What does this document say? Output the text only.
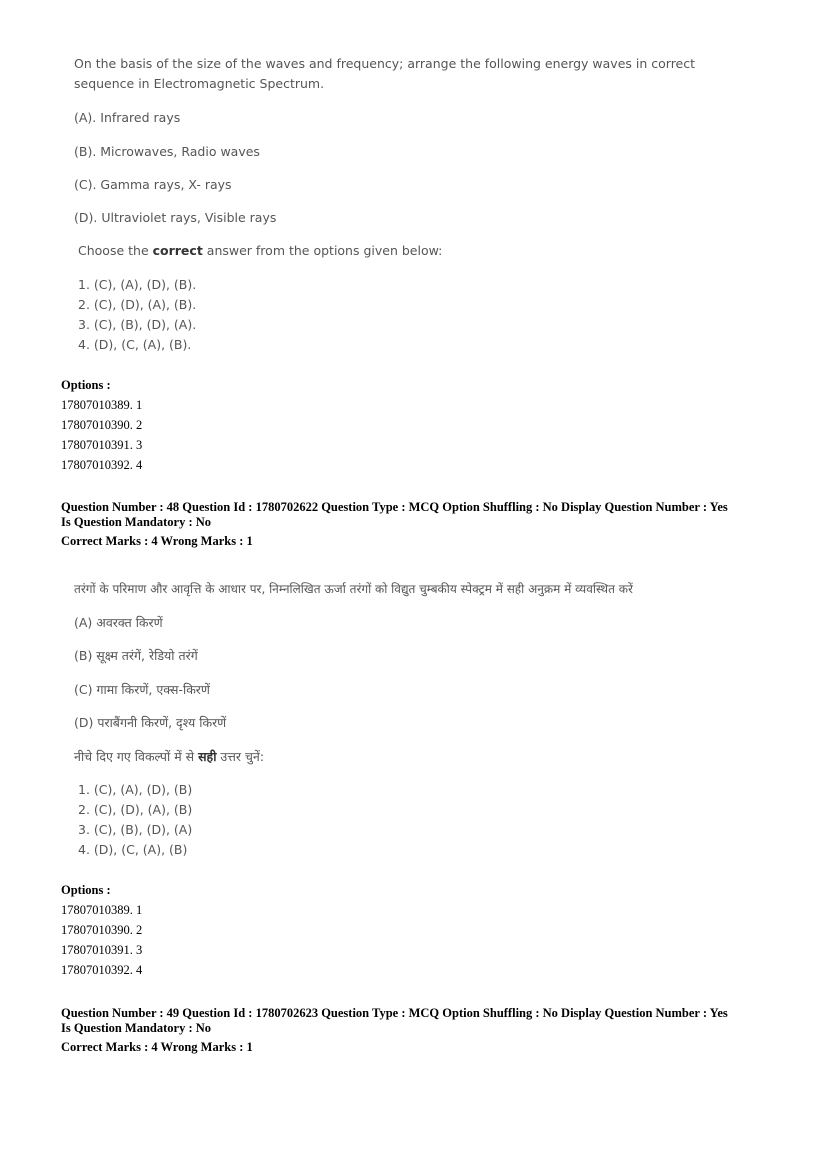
On the basis of the size of the waves and frequency; arrange the following energy waves in correct sequence in Electromagnetic Spectrum.
(A). Infrared rays
(B). Microwaves, Radio waves
(C). Gamma rays, X- rays
(D). Ultraviolet rays, Visible rays
Choose the correct answer from the options given below:
1. (C), (A), (D), (B).
2. (C), (D), (A), (B).
3. (C), (B), (D), (A).
4. (D), (C, (A), (B).
Options :
17807010389. 1
17807010390. 2
17807010391. 3
17807010392. 4
Question Number : 48 Question Id : 1780702622 Question Type : MCQ Option Shuffling : No Display Question Number : Yes
Is Question Mandatory : No
Correct Marks : 4 Wrong Marks : 1
तरंगों के परिमाण और आवृत्ति के आधार पर, निम्नलिखित ऊर्जा तरंगों को विद्युत चुम्बकीय स्पेक्ट्रम में सही अनुक्रम में व्यवस्थित करें
(A) अवरक्त किरणें
(B) सूक्ष्म तरंगें, रेडियो तरंगें
(C) गामा किरणें, एक्स-किरणें
(D) पराबैंगनी किरणें, दृश्य किरणें
नीचे दिए गए विकल्पों में से सही उत्तर चुनें:
1. (C), (A), (D), (B)
2. (C), (D), (A), (B)
3. (C), (B), (D), (A)
4. (D), (C, (A), (B)
Options :
17807010389. 1
17807010390. 2
17807010391. 3
17807010392. 4
Question Number : 49 Question Id : 1780702623 Question Type : MCQ Option Shuffling : No Display Question Number : Yes
Is Question Mandatory : No
Correct Marks : 4 Wrong Marks : 1
